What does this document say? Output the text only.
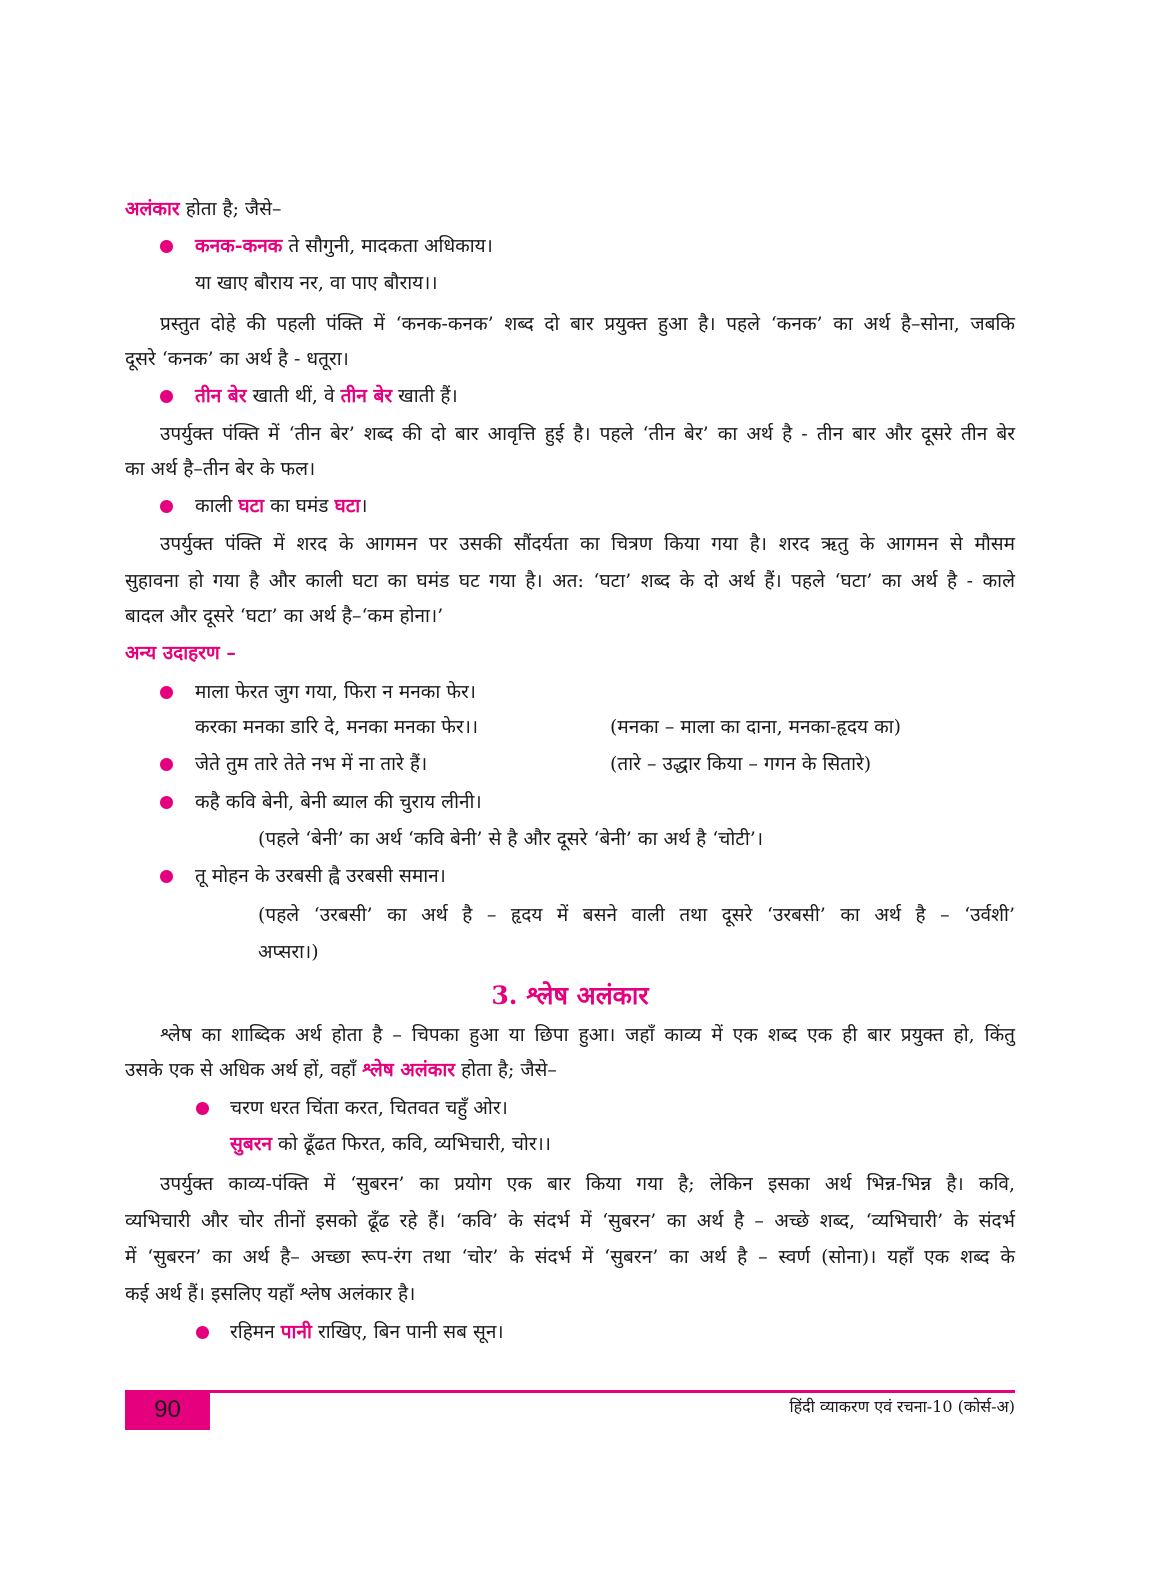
अलंकार होता है; जैसे–
कनक-कनक ते सौगुनी, मादकता अधिकाय।
या खाए बौराय नर, वा पाए बौराय।।
प्रस्तुत दोहे की पहली पंक्ति में ‘कनक-कनक’ शब्द दो बार प्रयुक्त हुआ है। पहले ‘कनक’ का अर्थ है–सोना, जबकि
दूसरे ‘कनक’ का अर्थ है - धतूरा।
तीन बेर खाती थीं, वे तीन बेर खाती हैं।
उपर्युक्त पंक्ति में ‘तीन बेर’ शब्द की दो बार आवृत्ति हुई है। पहले ‘तीन बेर’ का अर्थ है - तीन बार और दूसरे तीन बेर
का अर्थ है–तीन बेर के फल।
काली घटा का घमंड घटा।
उपर्युक्त पंक्ति में शरद के आगमन पर उसकी सौंदर्यता का चित्रण किया गया है। शरद ऋतु के आगमन से मौसम
सुहावना हो गया है और काली घटा का घमंड घट गया है। अत: ‘घटा’ शब्द के दो अर्थ हैं। पहले ‘घटा’ का अर्थ है - काले
बादल और दूसरे ‘घटा’ का अर्थ है–‘कम होना।’
अन्य उदाहरण –
माला फेरत जुग गया, फिरा न मनका फेर।
करका मनका डारि दे, मनका मनका फेर।।	(मनका – माला का दाना, मनका-हृदय का)
जेते तुम तारे तेते नभ में ना तारे हैं।	(तारे – उद्धार किया – गगन के सितारे)
कहै कवि बेनी, बेनी ब्याल की चुराय लीनी।
(पहले ‘बेनी’ का अर्थ ‘कवि बेनी’ से है और दूसरे ‘बेनी’ का अर्थ है ‘चोटी’।
तू मोहन के उरबसी ह्वै उरबसी समान।
(पहले ‘उरबसी’ का अर्थ है – हृदय में बसने वाली तथा दूसरे ‘उरबसी’ का अर्थ है – ‘उर्वशी’
अप्सरा।)
3. श्लेष अलंकार
श्लेष का शाब्दिक अर्थ होता है – चिपका हुआ या छिपा हुआ। जहाँ काव्य में एक शब्द एक ही बार प्रयुक्त हो, किंतु
उसके एक से अधिक अर्थ हों, वहाँ श्लेष अलंकार होता है; जैसे–
चरण धरत चिंता करत, चितवत चहुँ ओर।
सुबरन को ढूँढत फिरत, कवि, व्यभिचारी, चोर।।
उपर्युक्त काव्य-पंक्ति में ‘सुबरन’ का प्रयोग एक बार किया गया है; लेकिन इसका अर्थ भिन्न-भिन्न है। कवि,
व्यभिचारी और चोर तीनों इसको ढूँढ रहे हैं। ‘कवि’ के संदर्भ में ‘सुबरन’ का अर्थ है – अच्छे शब्द, ‘व्यभिचारी’ के संदर्भ
में ‘सुबरन’ का अर्थ है– अच्छा रूप-रंग तथा ‘चोर’ के संदर्भ में ‘सुबरन’ का अर्थ है – स्वर्ण (सोना)। यहाँ एक शब्द के
कई अर्थ हैं। इसलिए यहाँ श्लेष अलंकार है।
रहिमन पानी राखिए, बिन पानी सब सून।
90	हिंदी व्याकरण एवं रचना-10 (कोर्स-अ)
